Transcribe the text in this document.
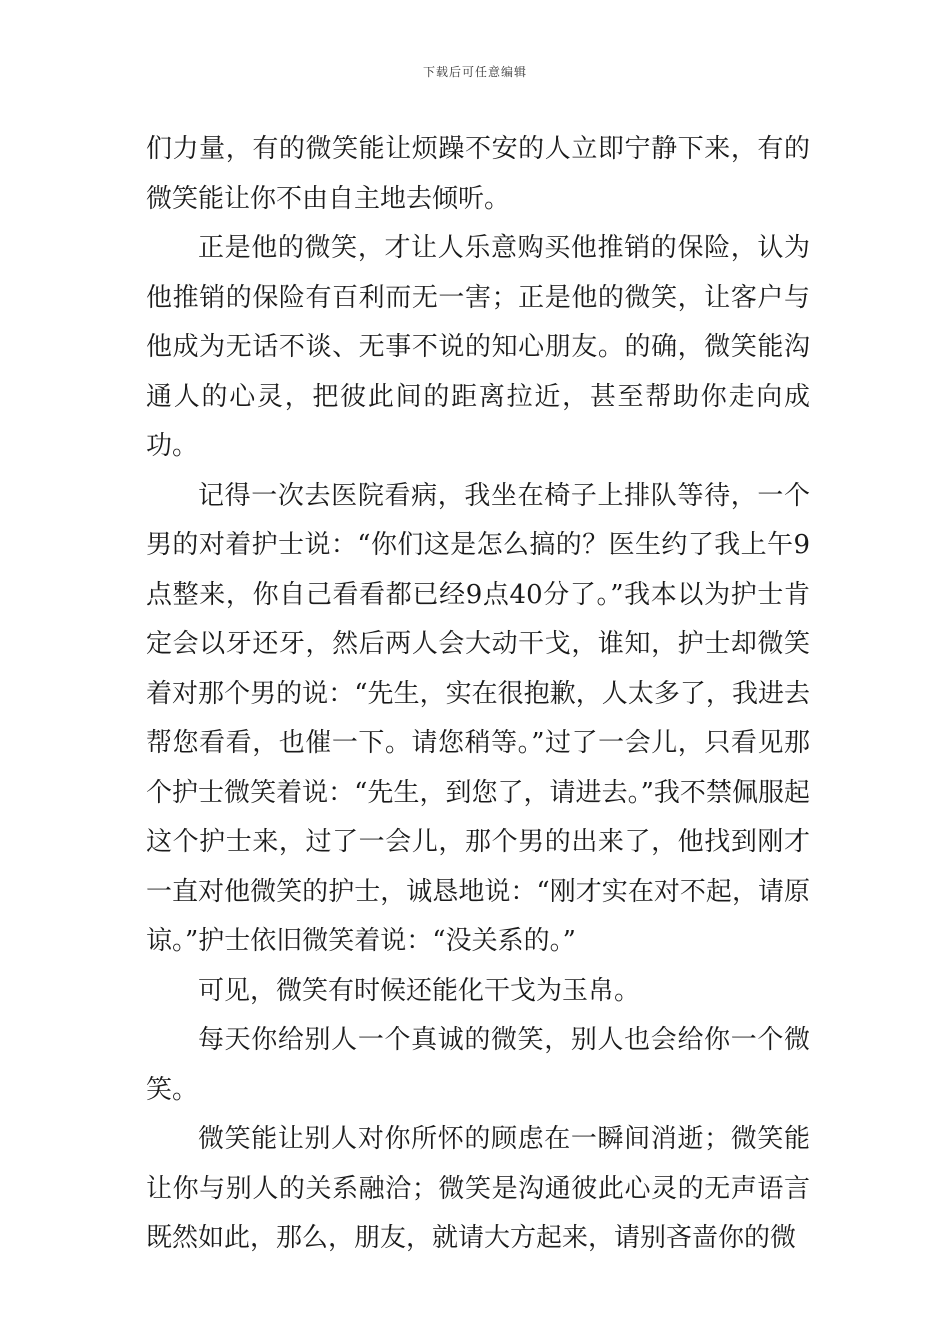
下载后可任意编辑

们力量，有的微笑能让烦躁不安的人立即宁静下来，有的微笑能让你不由自主地去倾听。

正是他的微笑，才让人乐意购买他推销的保险，认为他推销的保险有百利而无一害；正是他的微笑，让客户与他成为无话不谈、无事不说的知心朋友。的确，微笑能沟通人的心灵，把彼此间的距离拉近，甚至帮助你走向成功。

记得一次去医院看病，我坐在椅子上排队等待，一个男的对着护士说：“你们这是怎么搞的？医生约了我上午9点整来，你自己看看都已经9点40分了。”我本以为护士肯定会以牙还牙，然后两人会大动干戈，谁知，护士却微笑着对那个男的说：“先生，实在很抱歉，人太多了，我进去帮您看看，也催一下。请您稍等。”过了一会儿，只看见那个护士微笑着说：“先生，到您了，请进去。”我不禁佩服起这个护士来，过了一会儿，那个男的出来了，他找到刚才一直对他微笑的护士，诚恳地说：“刚才实在对不起，请原谅。”护士依旧微笑着说：“没关系的。”

可见，微笑有时候还能化干戈为玉帛。

每天你给别人一个真诚的微笑，别人也会给你一个微笑。

微笑能让别人对你所怀的顾虑在一瞬间消逝；微笑能让你与别人的关系融洽；微笑是沟通彼此心灵的无声语言既然如此，那么，朋友，就请大方起来，请别吝啬你的微
